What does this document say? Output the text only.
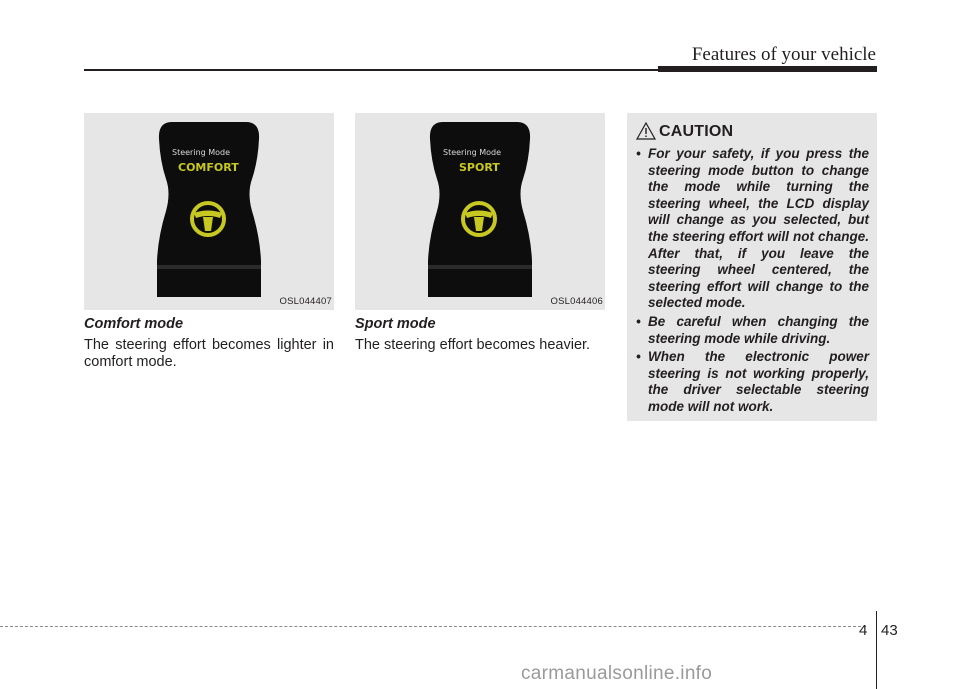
Features of your vehicle
Steering Mode
COMFORT
OSL044407
Steering Mode
SPORT
OSL044406
Comfort mode
The steering effort becomes lighter in comfort mode.
Sport mode
The steering effort becomes heavier.
CAUTION
• For your safety, if you press the steering mode button to change the mode while turning the steering wheel, the LCD display will change as you selected, but the steering effort will not change. After that, if you leave the steering wheel centered, the steering effort will change to the selected mode.
• Be careful when changing the steering mode while driving.
• When the electronic power steering is not working properly, the driver selectable steering mode will not work.
4 43
carmanualsonline.info
